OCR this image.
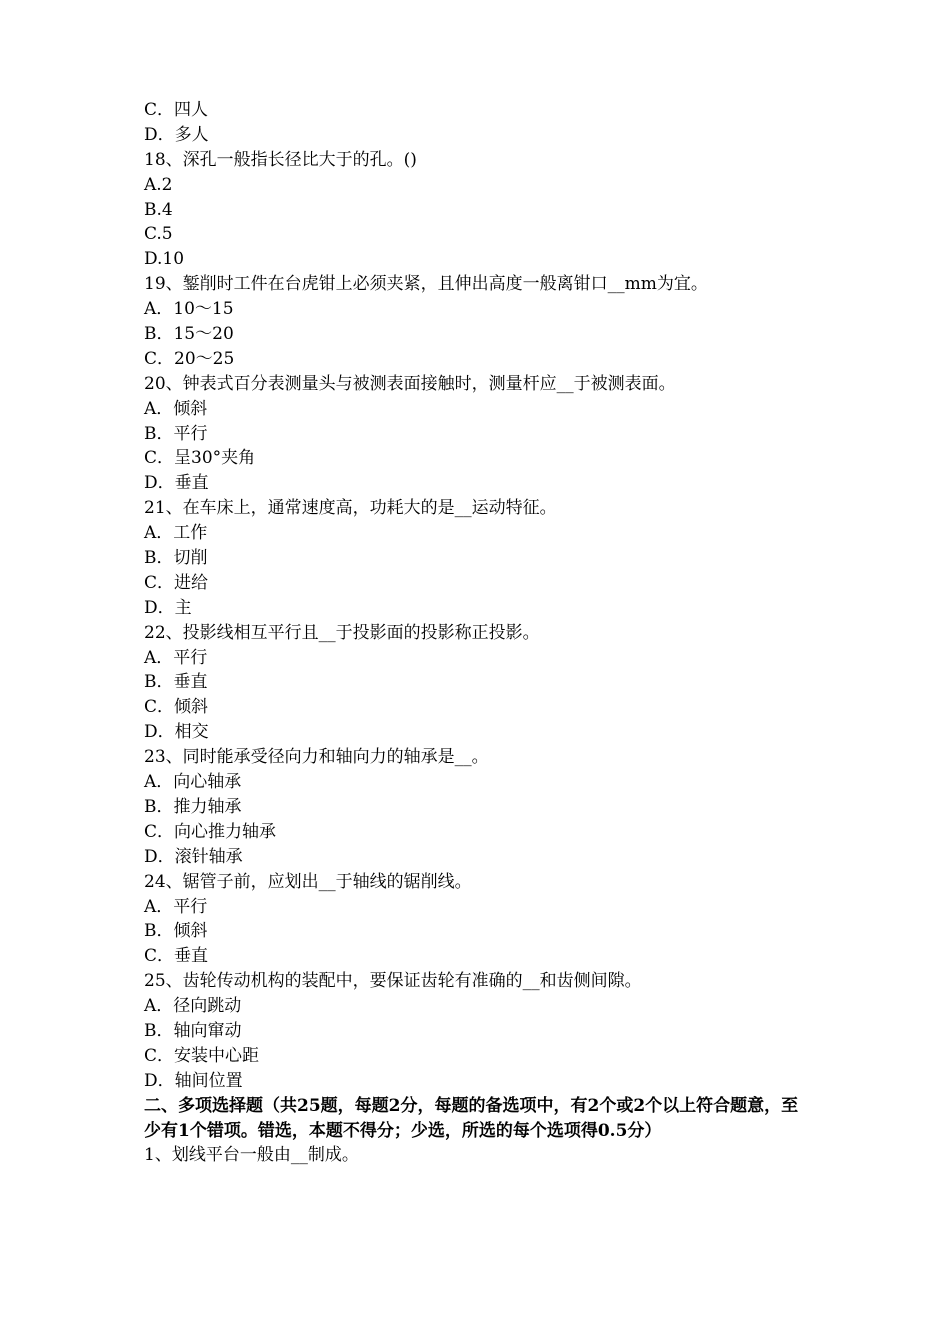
C．四人
D．多人
18、深孔一般指长径比大于的孔。()
A.2
B.4
C.5
D.10
19、錾削时工件在台虎钳上必须夹紧，且伸出高度一般离钳口__mm为宜。
A．10～15
B．15～20
C．20～25
20、钟表式百分表测量头与被测表面接触时，测量杆应__于被测表面。
A．倾斜
B．平行
C．呈30°夹角
D．垂直
21、在车床上，通常速度高，功耗大的是__运动特征。
A．工作
B．切削
C．进给
D．主
22、投影线相互平行且__于投影面的投影称正投影。
A．平行
B．垂直
C．倾斜
D．相交
23、同时能承受径向力和轴向力的轴承是__。
A．向心轴承
B．推力轴承
C．向心推力轴承
D．滚针轴承
24、锯管子前，应划出__于轴线的锯削线。
A．平行
B．倾斜
C．垂直
25、齿轮传动机构的装配中，要保证齿轮有准确的__和齿侧间隙。
A．径向跳动
B．轴向窜动
C．安装中心距
D．轴间位置
二、多项选择题（共25题，每题2分，每题的备选项中，有2个或2个以上符合题意，至少有1个错项。错选，本题不得分；少选，所选的每个选项得0.5分）
1、划线平台一般由__制成。
